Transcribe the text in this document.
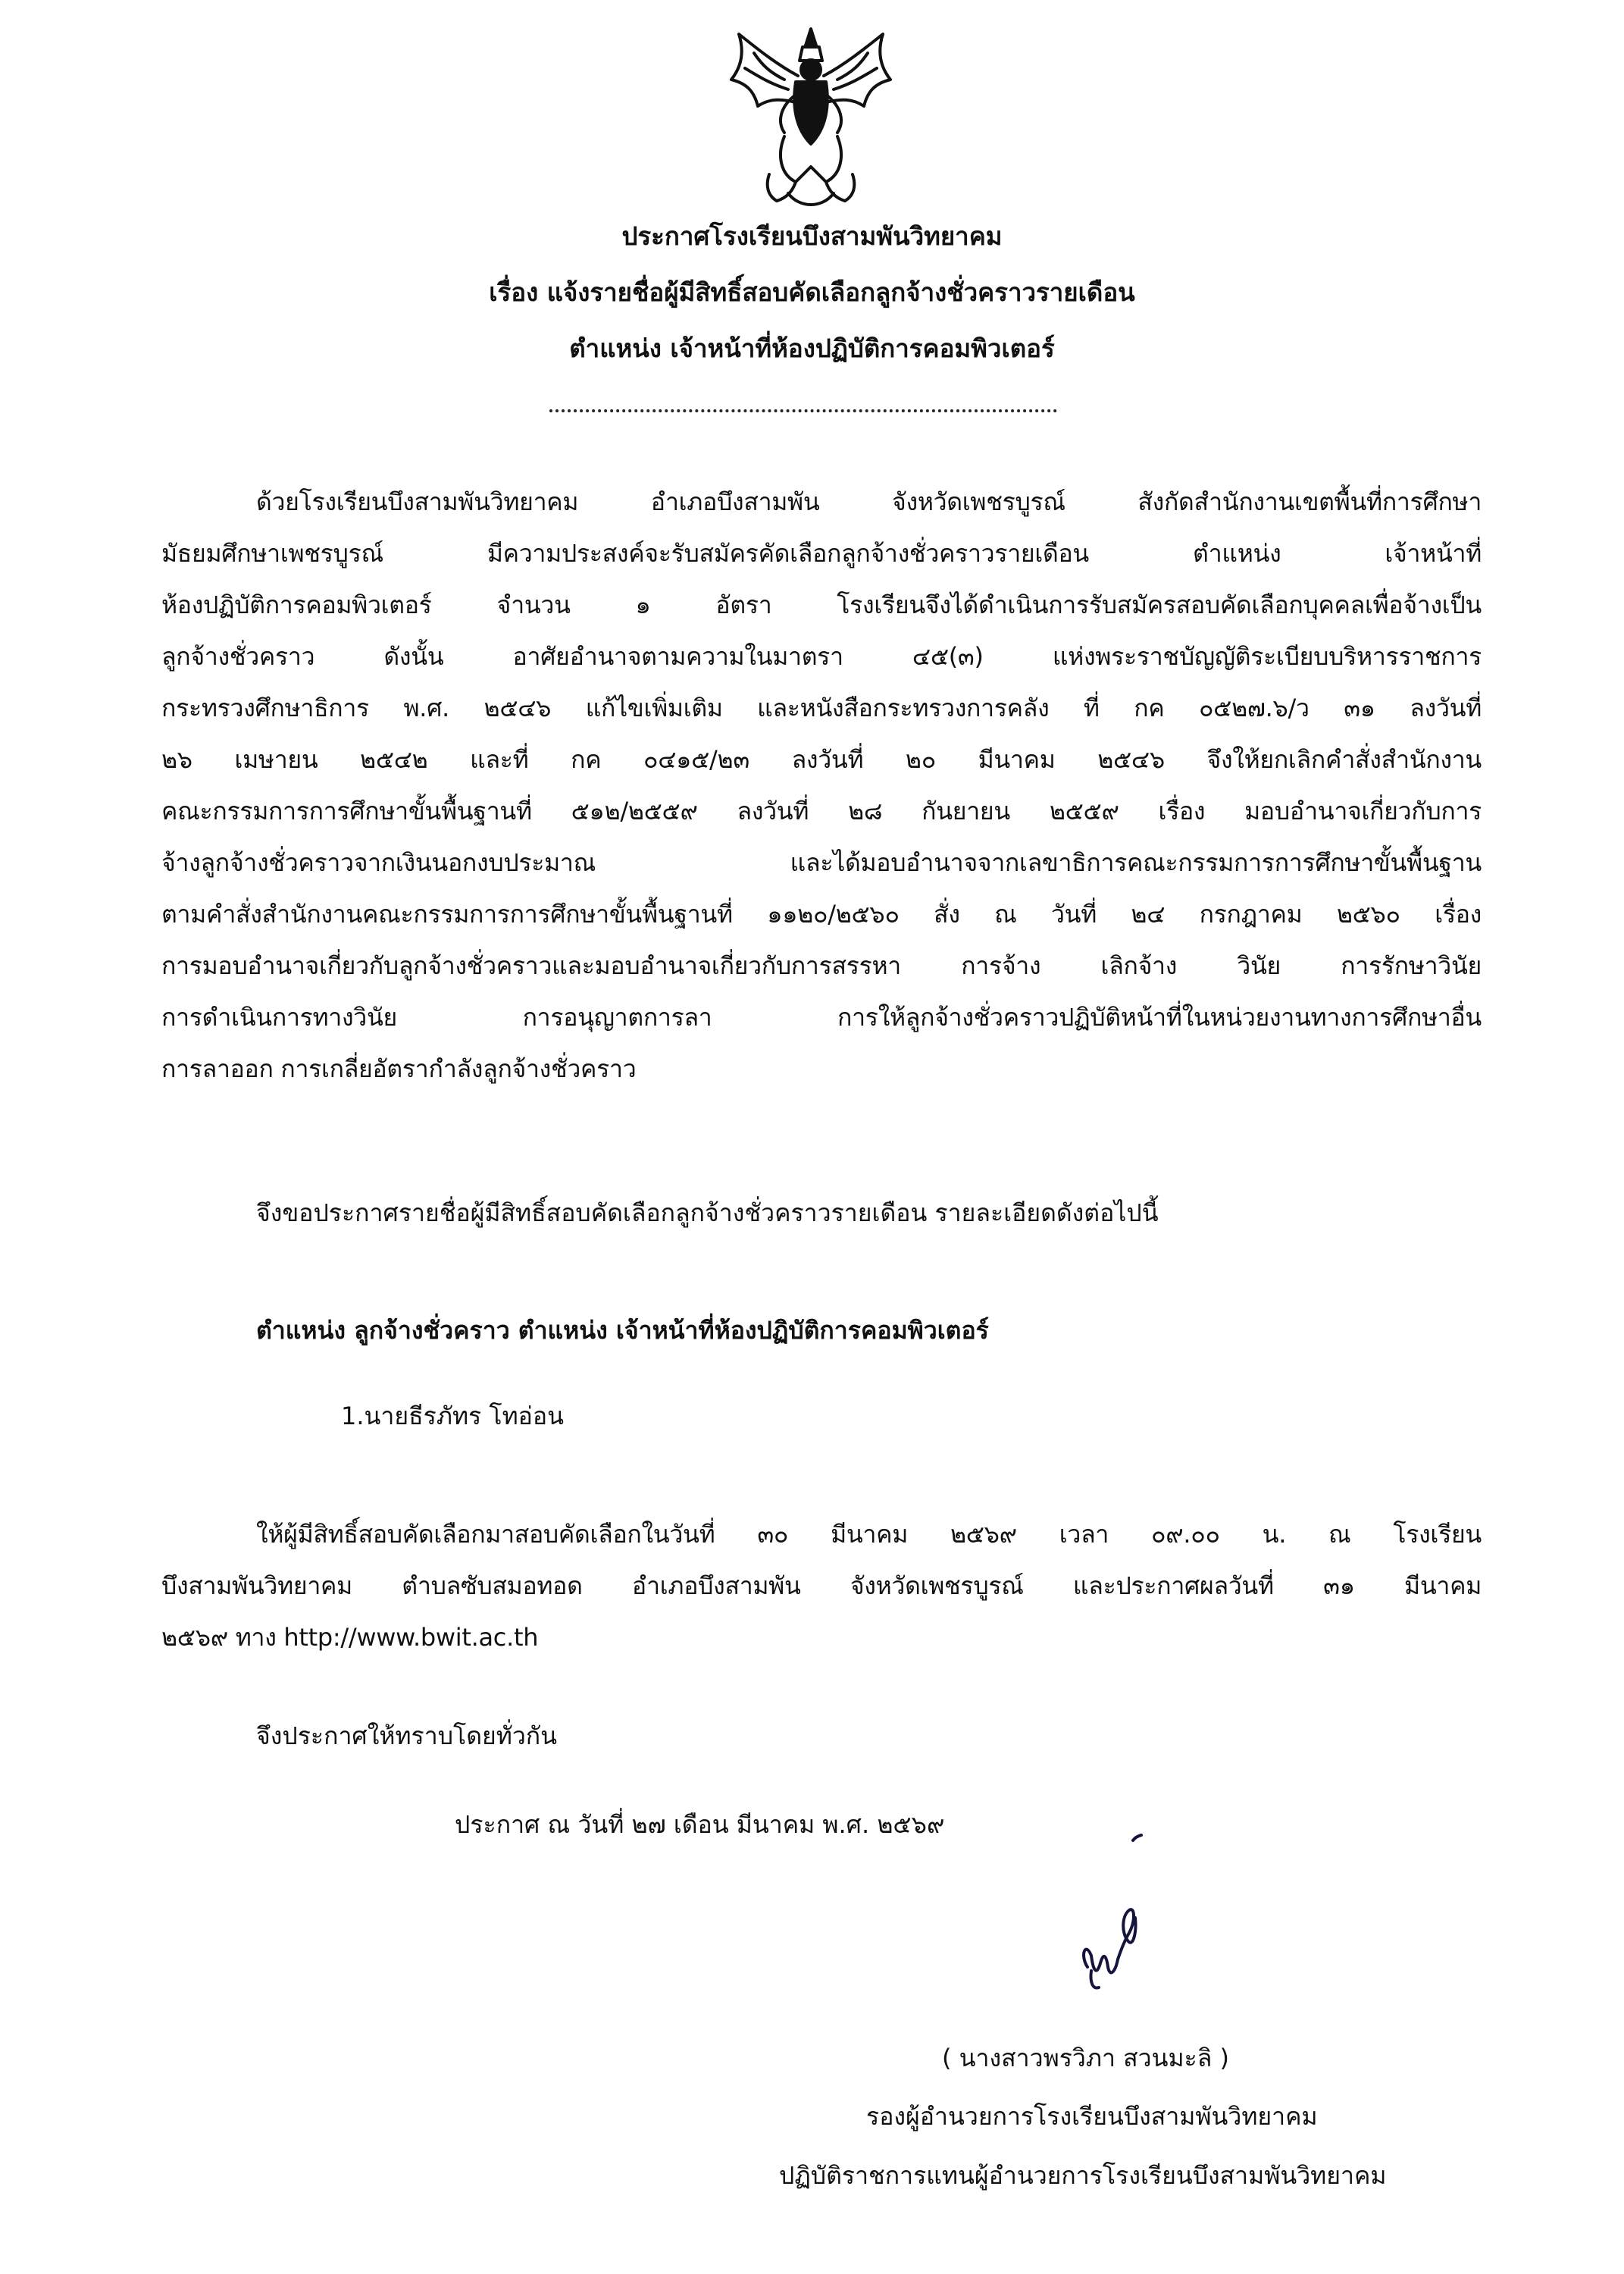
ประกาศโรงเรียนบึงสามพันวิทยาคม
เรื่อง แจ้งรายชื่อผู้มีสิทธิ์สอบคัดเลือกลูกจ้างชั่วคราวรายเดือน
ตำแหน่ง เจ้าหน้าที่ห้องปฏิบัติการคอมพิวเตอร์
ด้วยโรงเรียนบึงสามพันวิทยาคม อำเภอบึงสามพัน จังหวัดเพชรบูรณ์ สังกัดสำนักงานเขตพื้นที่การศึกษา
มัธยมศึกษาเพชรบูรณ์ มีความประสงค์จะรับสมัครคัดเลือกลูกจ้างชั่วคราวรายเดือน ตำแหน่ง เจ้าหน้าที่
ห้องปฏิบัติการคอมพิวเตอร์ จำนวน ๑ อัตรา โรงเรียนจึงได้ดำเนินการรับสมัครสอบคัดเลือกบุคคลเพื่อจ้างเป็น
ลูกจ้างชั่วคราว ดังนั้น อาศัยอำนาจตามความในมาตรา ๔๕(๓) แห่งพระราชบัญญัติระเบียบบริหารราชการ
กระทรวงศึกษาธิการ พ.ศ. ๒๕๔๖ แก้ไขเพิ่มเติม และหนังสือกระทรวงการคลัง ที่ กค ๐๕๒๗.๖/ว ๓๑ ลงวันที่
๒๖ เมษายน ๒๕๔๒ และที่ กค ๐๔๑๕/๒๓ ลงวันที่ ๒๐ มีนาคม ๒๕๔๖ จึงให้ยกเลิกคำสั่งสำนักงาน
คณะกรรมการการศึกษาขั้นพื้นฐานที่ ๕๑๒/๒๕๕๙ ลงวันที่ ๒๘ กันยายน ๒๕๕๙ เรื่อง มอบอำนาจเกี่ยวกับการ
จ้างลูกจ้างชั่วคราวจากเงินนอกงบประมาณ และได้มอบอำนาจจากเลขาธิการคณะกรรมการการศึกษาขั้นพื้นฐาน
ตามคำสั่งสำนักงานคณะกรรมการการศึกษาขั้นพื้นฐานที่ ๑๑๒๐/๒๕๖๐ สั่ง ณ วันที่ ๒๔ กรกฎาคม ๒๕๖๐ เรื่อง
การมอบอำนาจเกี่ยวกับลูกจ้างชั่วคราวและมอบอำนาจเกี่ยวกับการสรรหา การจ้าง เลิกจ้าง วินัย การรักษาวินัย
การดำเนินการทางวินัย การอนุญาตการลา การให้ลูกจ้างชั่วคราวปฏิบัติหน้าที่ในหน่วยงานทางการศึกษาอื่น
การลาออก การเกลี่ยอัตรากำลังลูกจ้างชั่วคราว
จึงขอประกาศรายชื่อผู้มีสิทธิ์สอบคัดเลือกลูกจ้างชั่วคราวรายเดือน รายละเอียดดังต่อไปนี้
ตำแหน่ง ลูกจ้างชั่วคราว ตำแหน่ง เจ้าหน้าที่ห้องปฏิบัติการคอมพิวเตอร์
1.นายธีรภัทร โทอ่อน
ให้ผู้มีสิทธิ์สอบคัดเลือกมาสอบคัดเลือกในวันที่ ๓๐ มีนาคม ๒๕๖๙ เวลา ๐๙.๐๐ น. ณ โรงเรียน
บึงสามพันวิทยาคม ตำบลซับสมอทอด อำเภอบึงสามพัน จังหวัดเพชรบูรณ์ และประกาศผลวันที่ ๓๑ มีนาคม
๒๕๖๙ ทาง http://www.bwit.ac.th
จึงประกาศให้ทราบโดยทั่วกัน
ประกาศ ณ วันที่ ๒๗ เดือน มีนาคม พ.ศ. ๒๕๖๙
( นางสาวพรวิภา สวนมะลิ )
รองผู้อำนวยการโรงเรียนบึงสามพันวิทยาคม
ปฏิบัติราชการแทนผู้อำนวยการโรงเรียนบึงสามพันวิทยาคม
